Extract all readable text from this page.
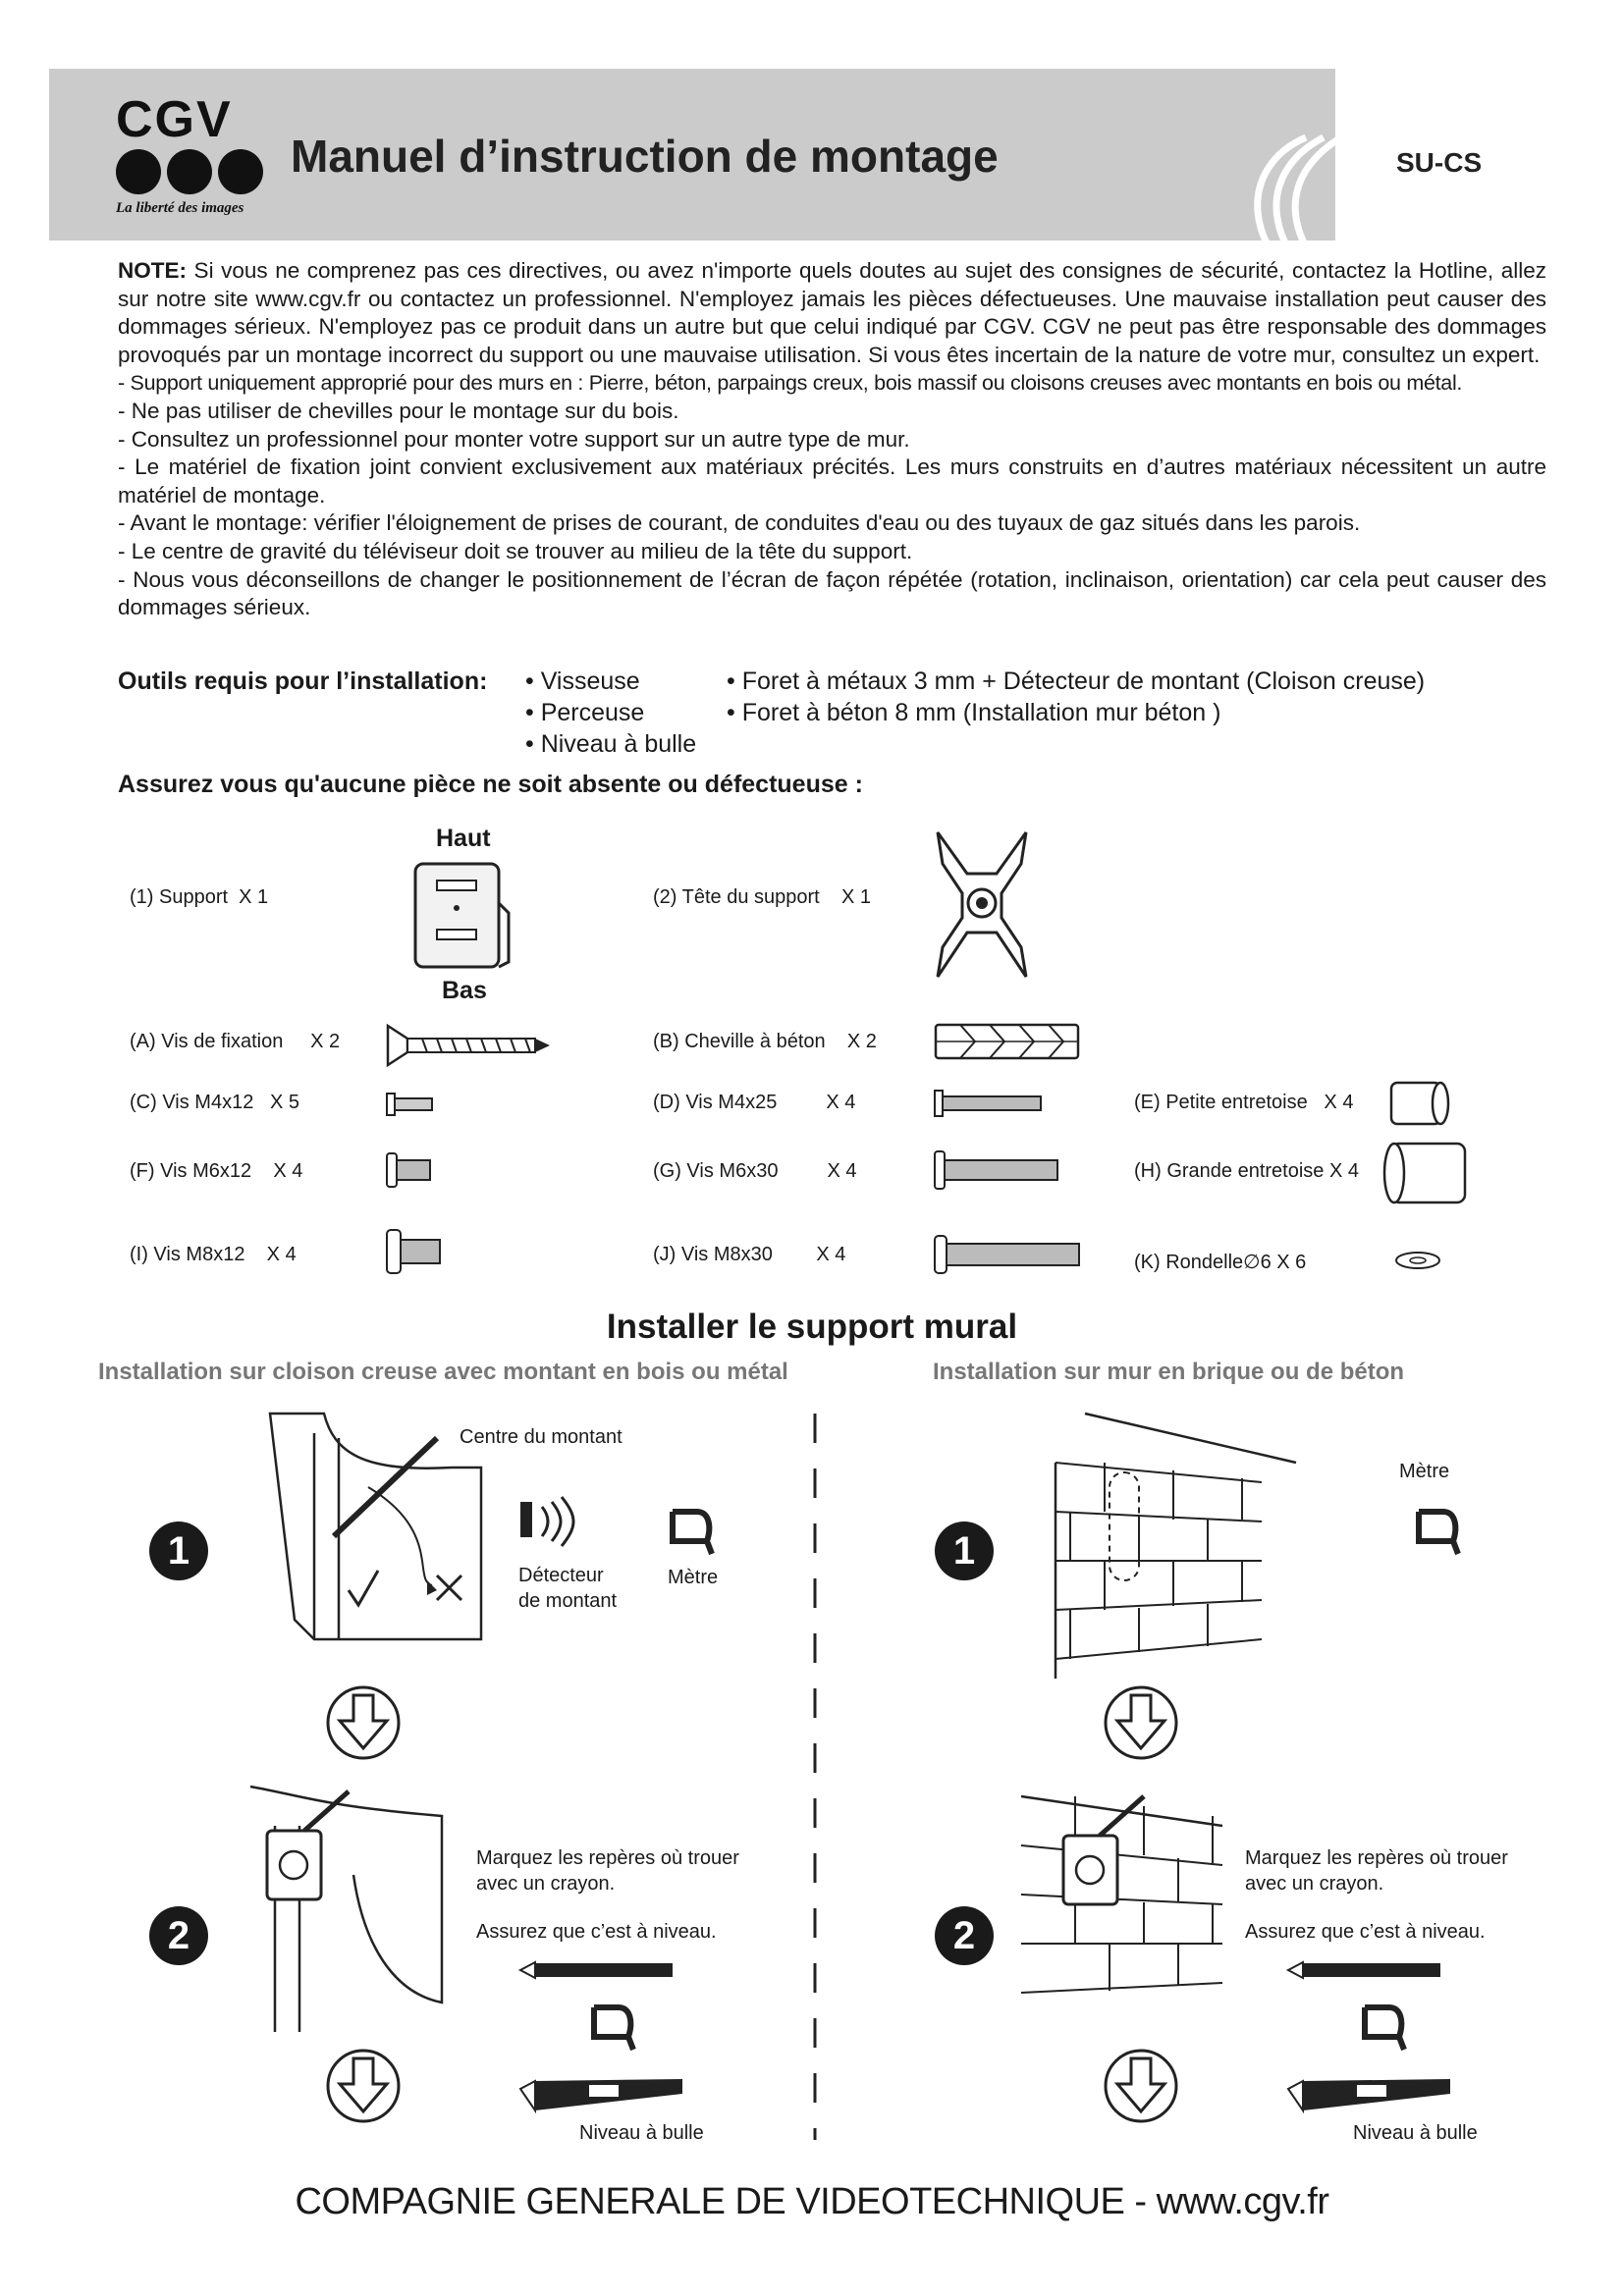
CGV
La liberté des images
Manuel d’instruction de montage	SU-CS

NOTE: Si vous ne comprenez pas ces directives, ou avez n'importe quels doutes au sujet des consignes de sécurité, contactez la Hotline, allez sur notre site www.cgv.fr ou contactez un professionnel. N'employez jamais les pièces défectueuses. Une mauvaise installation peut causer des dommages sérieux. N'employez pas ce produit dans un autre but que celui indiqué par CGV. CGV ne peut pas être responsable des dommages provoqués par un montage incorrect du support ou une mauvaise utilisation. Si vous êtes incertain de la nature de votre mur, consultez un expert.

- Support uniquement approprié pour des murs en : Pierre, béton, parpaings creux, bois massif ou cloisons creuses avec montants en bois ou métal.

- Ne pas utiliser de chevilles pour le montage sur du bois.

- Consultez un professionnel pour monter votre support sur un autre type de mur.

- Le matériel de fixation joint convient exclusivement aux matériaux précités. Les murs construits en d’autres matériaux nécessitent un autre matériel de montage.

- Avant le montage: vérifier l'éloignement de prises de courant, de conduites d'eau ou des tuyaux de gaz situés dans les parois.

- Le centre de gravité du téléviseur doit se trouver au milieu de la tête du support.

- Nous vous déconseillons de changer le positionnement de l’écran de façon répétée (rotation, inclinaison, orientation) car cela peut causer des dommages sérieux.

Outils requis pour l’installation: • Visseuse
• Perceuse
• Niveau à bulle
• Foret à métaux 3 mm + Détecteur de montant (Cloison creuse)
• Foret à béton 8 mm (Installation mur béton )
Assurez vous qu'aucune pièce ne soit absente ou défectueuse :
Haut
Bas
(1) Support  X 1	(2) Tête du support    X 1
(A) Vis de fixation     X 2	(B) Cheville à béton    X 2
(C) Vis M4x12   X 5	(D) Vis M4x25         X 4	(E) Petite entretoise   X 4
(F) Vis M6x12    X 4	(G) Vis M6x30         X 4	(H) Grande entretoise X 4
(I) Vis M8x12    X 4	(J) Vis M8x30        X 4	(K) Rondelle∅6 X 6
Installer le support mural
Installation sur cloison creuse avec montant en bois ou métal	Installation sur mur en brique ou de béton
1
Centre du montant
Détecteur
de montant
Mètre
2
Marquez les repères où trouer
avec un crayon.
Assurez que c’est à niveau.
Niveau à bulle
1
Mètre
2
Marquez les repères où trouer
avec un crayon.
Assurez que c’est à niveau.
Niveau à bulle
COMPAGNIE GENERALE DE VIDEOTECHNIQUE - www.cgv.fr
